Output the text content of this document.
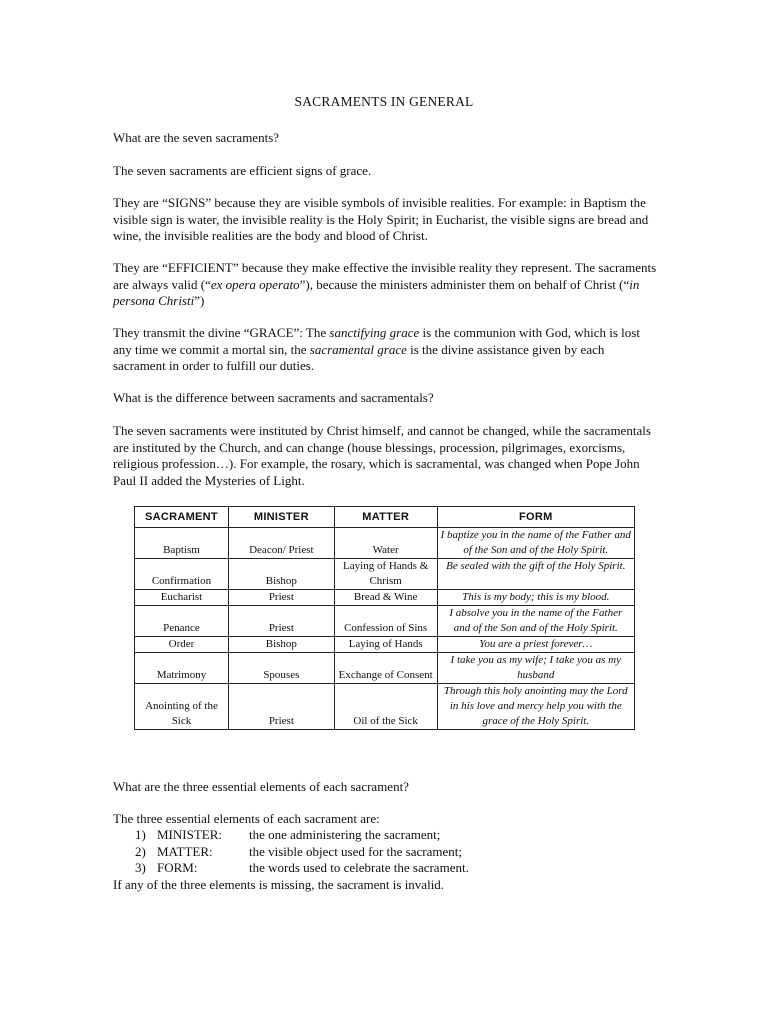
SACRAMENTS IN GENERAL

What are the seven sacraments?

The seven sacraments are efficient signs of grace.

They are “SIGNS” because they are visible symbols of invisible realities. For example: in Baptism the visible sign is water, the invisible reality is the Holy Spirit; in Eucharist, the visible signs are bread and wine, the invisible realities are the body and blood of Christ.

They are “EFFICIENT” because they make effective the invisible reality they represent. The sacraments are always valid (“ex opera operato”), because the ministers administer them on behalf of Christ (“in persona Christi”)

They transmit the divine “GRACE”: The sanctifying grace is the communion with God, which is lost any time we commit a mortal sin, the sacramental grace is the divine assistance given by each sacrament in order to fulfill our duties.

What is the difference between sacraments and sacramentals?

The seven sacraments were instituted by Christ himself, and cannot be changed, while the sacramentals are instituted by the Church, and can change (house blessings, procession, pilgrimages, exorcisms, religious profession…). For example, the rosary, which is sacramental, was changed when Pope John Paul II added the Mysteries of Light.

SACRAMENT	MINISTER	MATTER	FORM
Baptism	Deacon/ Priest	Water	I baptize you in the name of the Father and of the Son and of the Holy Spirit.
Confirmation	Bishop	Laying of Hands & Chrism	Be sealed with the gift of the Holy Spirit.
Eucharist	Priest	Bread & Wine	This is my body; this is my blood.
Penance	Priest	Confession of Sins	I absolve you in the name of the Father and of the Son and of the Holy Spirit.
Order	Bishop	Laying of Hands	You are a priest forever…
Matrimony	Spouses	Exchange of Consent	I take you as my wife; I take you as my husband
Anointing of the Sick	Priest	Oil of the Sick	Through this holy anointing may the Lord in his love and mercy help you with the grace of the Holy Spirit.

What are the three essential elements of each sacrament?

The three essential elements of each sacrament are:

1) MINISTER: the one administering the sacrament;
2) MATTER:	the visible object used for the sacrament;
3) FORM:	the words used to celebrate the sacrament.

If any of the three elements is missing, the sacrament is invalid.
